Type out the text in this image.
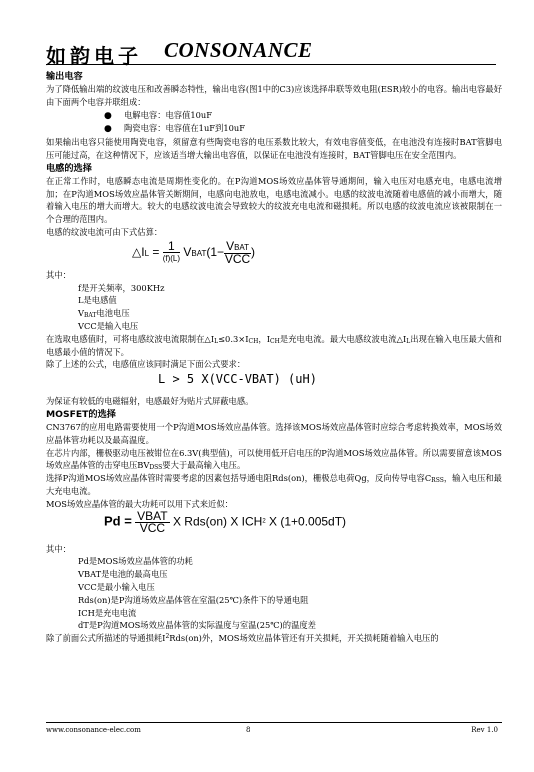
如韵电子 CONSONANCE
输出电容

为了降低输出端的纹波电压和改善瞬态特性，输出电容(图1中的C3)应该选择串联等效电阻(ESR)较小的电容。输出电容最好由下面两个电容并联组成：

● 电解电容：电容值10uF
● 陶瓷电容：电容值在1uF到10uF

如果输出电容只能使用陶瓷电容，须留意有些陶瓷电容的电压系数比较大，有效电容值变低，在电池没有连接时BAT管脚电压可能过高，在这种情况下，应该适当增大输出电容值，以保证在电池没有连接时，BAT管脚电压在安全范围内。

电感的选择

在正常工作时，电感瞬态电流是周期性变化的。在P沟道MOS场效应晶体管导通期间，输入电压对电感充电，电感电流增加；在P沟道MOS场效应晶体管关断期间，电感向电池放电，电感电流减小。电感的纹波电流随着电感值的减小而增大，随着输入电压的增大而增大。较大的电感纹波电流会导致较大的纹波充电电流和磁损耗。所以电感的纹波电流应该被限制在一个合理的范围内。

电感的纹波电流可由下式估算：

△IL = $\frac{1}{(f)(L)}$ VBAT(1− $\frac{\text{VBAT}}{\text{VCC}}$ )

其中：

f是开关频率，300KHz
L是电感值
$V_{BAT}$电池电压
VCC是输入电压

在选取电感值时，可将电感纹波电流限制在$\triangle I_L\le 0.3\times I_{CH}$，$I_{CH}$是充电电流。最大电感纹波电流$\triangle I_L$出现在输入电压最大值和电感最小值的情况下。

除了上述的公式，电感值应该同时满足下面公式要求：

L > 5 X(VCC-VBAT) (uH)

为保证有较低的电磁辐射，电感最好为贴片式屏蔽电感。

MOSFET的选择

CN3767的应用电路需要使用一个P沟道MOS场效应晶体管。选择该MOS场效应晶体管时应综合考虑转换效率，MOS场效应晶体管功耗以及最高温度。

在芯片内部，栅极驱动电压被钳位在6.3V(典型值)，可以使用低开启电压的P沟道MOS场效应晶体管。所以需要留意该MOS场效应晶体管的击穿电压$BV_{DSS}$要大于最高输入电压。

选择P沟道MOS场效应晶体管时需要考虑的因素包括导通电阻Rds(on)，栅极总电荷Qg，反向传导电容$C_{RSS}$，输入电压和最大充电电流。

MOS场效应晶体管的最大功耗可以用下式来近似：

$Pd = \frac{\text{VBAT}}{\text{VCC}}$ X Rds(on) X ICH$^2$ X (1+0.005dT)

其中：

Pd是MOS场效应晶体管的功耗
VBAT是电池的最高电压
VCC是最小输入电压
Rds(on)是P沟道场效应晶体管在室温(25℃)条件下的导通电阻
ICH是充电电流
dT是P沟道MOS场效应晶体管的实际温度与室温(25℃)的温度差

除了前面公式所描述的导通损耗$I^2Rds(on)$外，MOS场效应晶体管还有开关损耗，开关损耗随着输入电压的

www.consonance-elec.com	8	Rev 1.0
